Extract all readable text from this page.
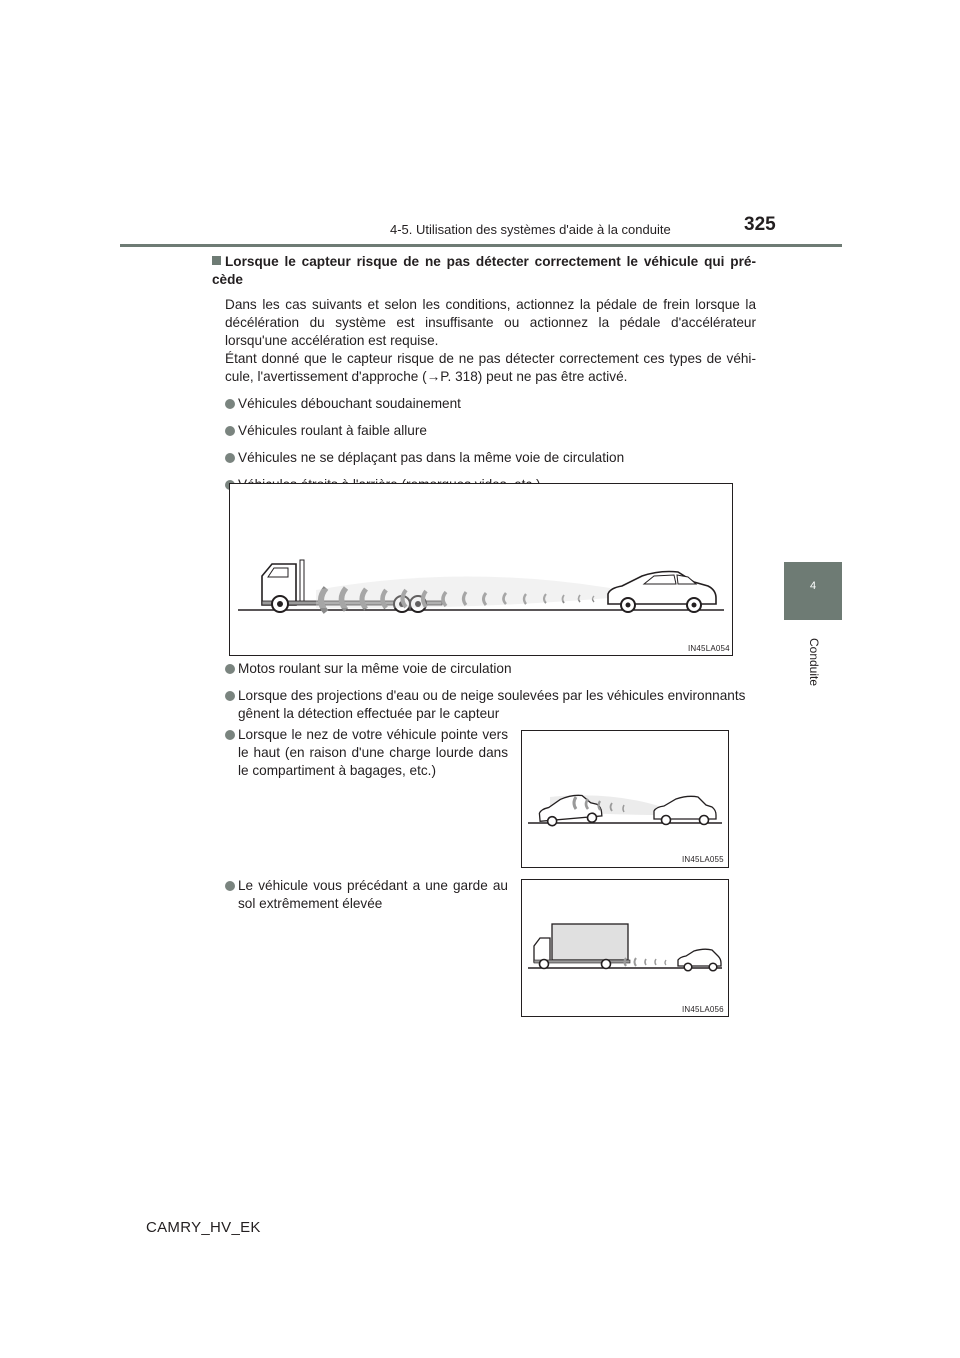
4-5. Utilisation des systèmes d'aide à la conduite	325
4
Conduite

Lorsque le capteur risque de ne pas détecter correctement le véhicule qui précède

Dans les cas suivants et selon les conditions, actionnez la pédale de frein lorsque la décélération du système est insuffisante ou actionnez la pédale d'accélérateur lorsqu'une accélération est requise.

Étant donné que le capteur risque de ne pas détecter correctement ces types de véhicule, l'avertissement d'approche (→P. 318) peut ne pas être activé.

Véhicules débouchant soudainement
Véhicules roulant à faible allure
Véhicules ne se déplaçant pas dans la même voie de circulation
IN45LA054
Motos roulant sur la même voie de circulation
Lorsque des projections d'eau ou de neige soulevées par les véhicules environnants gênent la détection effectuée par le capteur
Lorsque le nez de votre véhicule pointe vers le haut (en raison d'une charge lourde dans le compartiment à bagages, etc.)
IN45LA055
Le véhicule vous précédant a une garde au sol extrêmement élevée
IN45LA056
CAMRY_HV_EK
